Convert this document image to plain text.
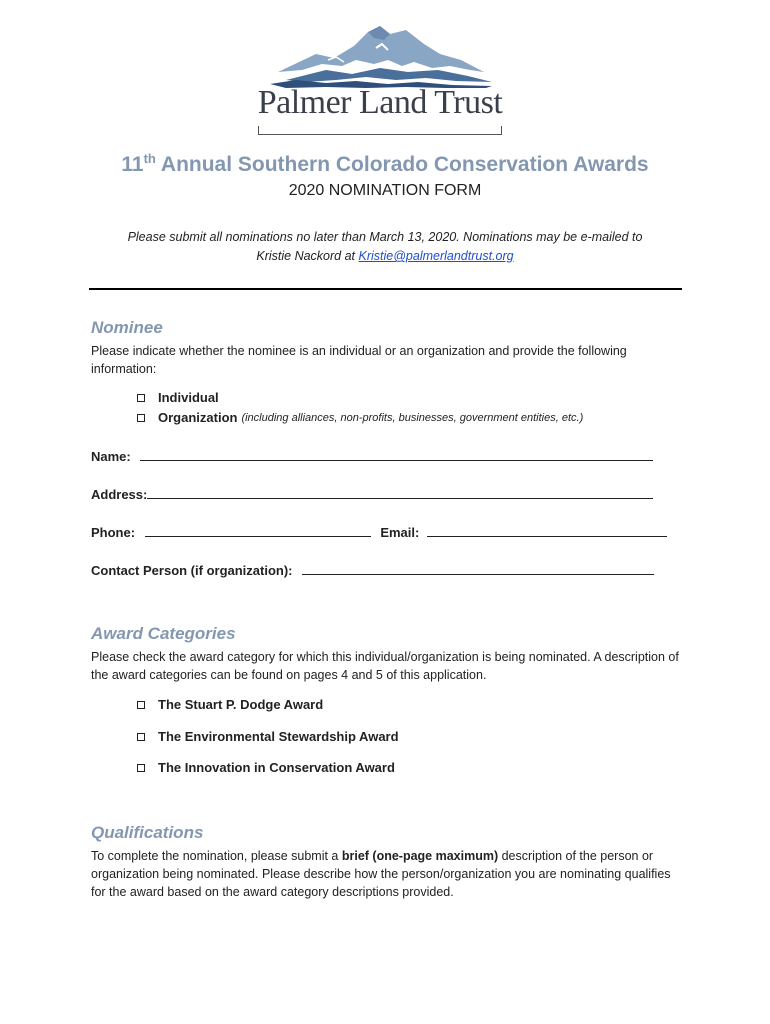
Palmer Land Trust
11th Annual Southern Colorado Conservation Awards
2020 NOMINATION FORM
Please submit all nominations no later than March 13, 2020. Nominations may be e-mailed to
Kristie Nackord at Kristie@palmerlandtrust.org
Nominee
Please indicate whether the nominee is an individual or an organization and provide the following information:
Individual
Organization (including alliances, non-profits, businesses, government entities, etc.)
Name:
Address:
Phone:	Email:
Contact Person (if organization):
Award Categories
Please check the award category for which this individual/organization is being nominated. A description of the award categories can be found on pages 4 and 5 of this application.
The Stuart P. Dodge Award
The Environmental Stewardship Award
The Innovation in Conservation Award
Qualifications
To complete the nomination, please submit a brief (one-page maximum) description of the person or organization being nominated. Please describe how the person/organization you are nominating qualifies for the award based on the award category descriptions provided.
